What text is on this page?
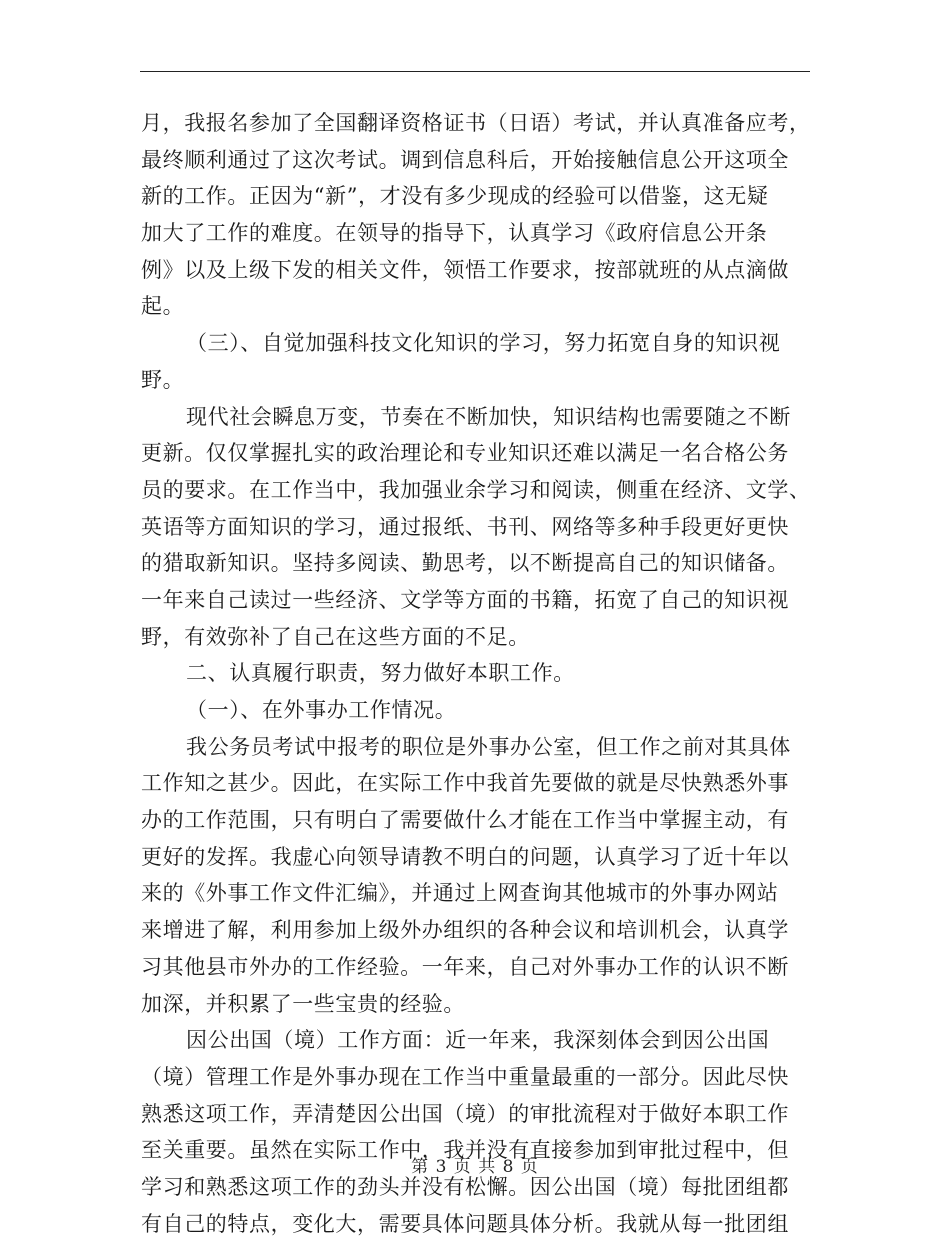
月，我报名参加了全国翻译资格证书（日语）考试，并认真准备应考，
最终顺利通过了这次考试。调到信息科后，开始接触信息公开这项全
新的工作。正因为“新”，才没有多少现成的经验可以借鉴，这无疑
加大了工作的难度。在领导的指导下，认真学习《政府信息公开条
例》以及上级下发的相关文件，领悟工作要求，按部就班的从点滴做
起。
（三）、自觉加强科技文化知识的学习，努力拓宽自身的知识视
野。
现代社会瞬息万变，节奏在不断加快，知识结构也需要随之不断
更新。仅仅掌握扎实的政治理论和专业知识还难以满足一名合格公务
员的要求。在工作当中，我加强业余学习和阅读，侧重在经济、文学、
英语等方面知识的学习，通过报纸、书刊、网络等多种手段更好更快
的猎取新知识。坚持多阅读、勤思考，以不断提高自己的知识储备。
一年来自己读过一些经济、文学等方面的书籍，拓宽了自己的知识视
野，有效弥补了自己在这些方面的不足。
二、认真履行职责，努力做好本职工作。
（一）、在外事办工作情况。
我公务员考试中报考的职位是外事办公室，但工作之前对其具体
工作知之甚少。因此，在实际工作中我首先要做的就是尽快熟悉外事
办的工作范围，只有明白了需要做什么才能在工作当中掌握主动，有
更好的发挥。我虚心向领导请教不明白的问题，认真学习了近十年以
来的《外事工作文件汇编》，并通过上网查询其他城市的外事办网站
来增进了解，利用参加上级外办组织的各种会议和培训机会，认真学
习其他县市外办的工作经验。一年来，自己对外事办工作的认识不断
加深，并积累了一些宝贵的经验。
因公出国（境）工作方面：近一年来，我深刻体会到因公出国
（境）管理工作是外事办现在工作当中重量最重的一部分。因此尽快
熟悉这项工作，弄清楚因公出国（境）的审批流程对于做好本职工作
至关重要。虽然在实际工作中，我并没有直接参加到审批过程中，但
学习和熟悉这项工作的劲头并没有松懈。因公出国（境）每批团组都
有自己的特点，变化大，需要具体问题具体分析。我就从每一批团组
第 3 页 共 8 页
